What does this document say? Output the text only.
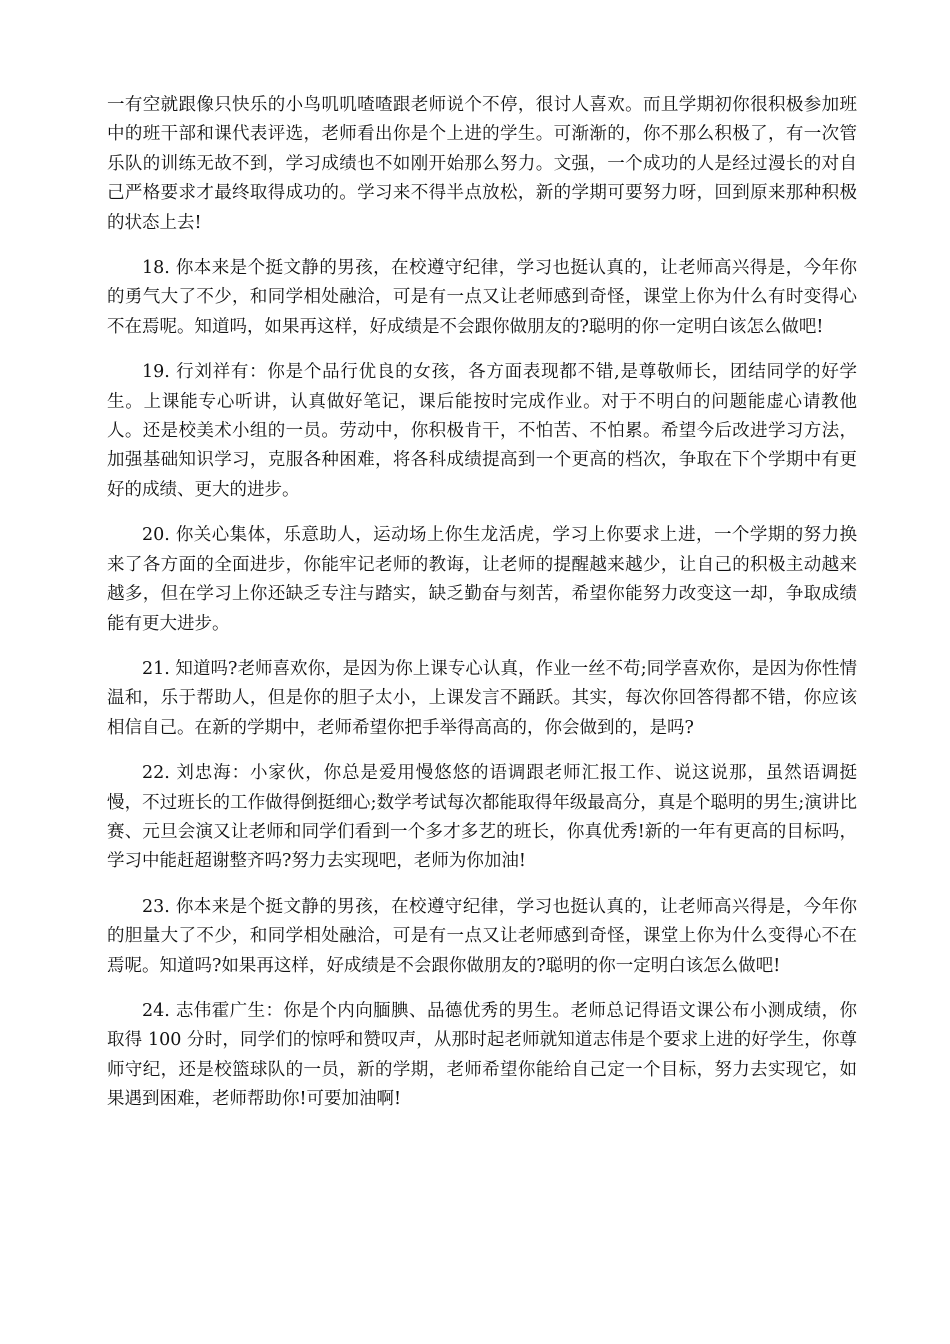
一有空就跟像只快乐的小鸟叽叽喳喳跟老师说个不停，很讨人喜欢。而且学期初你很积极参加班中的班干部和课代表评选，老师看出你是个上进的学生。可渐渐的，你不那么积极了，有一次管乐队的训练无故不到，学习成绩也不如刚开始那么努力。文强，一个成功的人是经过漫长的对自己严格要求才最终取得成功的。学习来不得半点放松，新的学期可要努力呀，回到原来那种积极的状态上去!

18. 你本来是个挺文静的男孩，在校遵守纪律，学习也挺认真的，让老师高兴得是，今年你的勇气大了不少，和同学相处融洽，可是有一点又让老师感到奇怪，课堂上你为什么有时变得心不在焉呢。知道吗，如果再这样，好成绩是不会跟你做朋友的?聪明的你一定明白该怎么做吧!

19. 行刘祥有：你是个品行优良的女孩，各方面表现都不错,是尊敬师长，团结同学的好学生。上课能专心听讲，认真做好笔记，课后能按时完成作业。对于不明白的问题能虚心请教他人。还是校美术小组的一员。劳动中，你积极肯干，不怕苦、不怕累。希望今后改进学习方法，加强基础知识学习，克服各种困难，将各科成绩提高到一个更高的档次，争取在下个学期中有更好的成绩、更大的进步。

20. 你关心集体，乐意助人，运动场上你生龙活虎，学习上你要求上进，一个学期的努力换来了各方面的全面进步，你能牢记老师的教诲，让老师的提醒越来越少，让自己的积极主动越来越多，但在学习上你还缺乏专注与踏实，缺乏勤奋与刻苦，希望你能努力改变这一却，争取成绩能有更大进步。

21. 知道吗?老师喜欢你，是因为你上课专心认真，作业一丝不苟;同学喜欢你，是因为你性情温和，乐于帮助人，但是你的胆子太小，上课发言不踊跃。其实，每次你回答得都不错，你应该相信自己。在新的学期中，老师希望你把手举得高高的，你会做到的，是吗?

22. 刘忠海：小家伙，你总是爱用慢悠悠的语调跟老师汇报工作、说这说那，虽然语调挺慢，不过班长的工作做得倒挺细心;数学考试每次都能取得年级最高分，真是个聪明的男生;演讲比赛、元旦会演又让老师和同学们看到一个多才多艺的班长，你真优秀!新的一年有更高的目标吗，学习中能赶超谢整齐吗?努力去实现吧，老师为你加油!

23. 你本来是个挺文静的男孩，在校遵守纪律，学习也挺认真的，让老师高兴得是，今年你的胆量大了不少，和同学相处融洽，可是有一点又让老师感到奇怪，课堂上你为什么变得心不在焉呢。知道吗?如果再这样，好成绩是不会跟你做朋友的?聪明的你一定明白该怎么做吧!

24. 志伟霍广生：你是个内向腼腆、品德优秀的男生。老师总记得语文课公布小测成绩，你取得 100 分时，同学们的惊呼和赞叹声，从那时起老师就知道志伟是个要求上进的好学生，你尊师守纪，还是校篮球队的一员，新的学期，老师希望你能给自己定一个目标，努力去实现它，如果遇到困难，老师帮助你!可要加油啊!
